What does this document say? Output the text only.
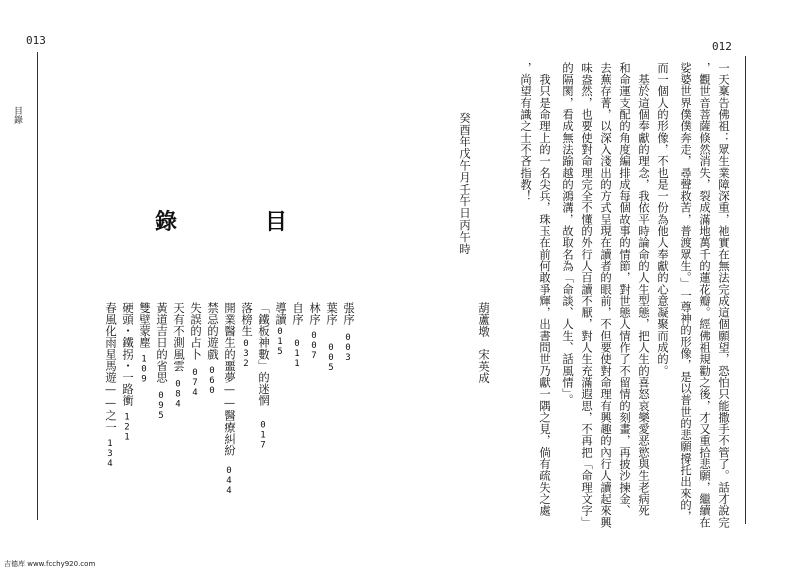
013
目錄
目
錄
張序003
葉序005
林序007
自序011
導讀015
「鐵板神數」的迷惘017
落榜生032
開業醫生的噩夢——醫療糾紛044
禁忌的遊戲060
失誤的占卜074
天有不測風雲084
黃道吉日的省思095
雙壁蒙塵109
硬頭・鐵拐・一路衝121
春風化雨星馬遊——之一134
012
一天稟告佛祖：眾生業障深重，祂實在無法完成這個願望，恐怕只能撒手不管了。話才說完
，觀世音菩薩倏然消失，裂成滿地萬千的蓮花瓣。經佛祖規勸之後，才又重拾悲願，繼續在
娑婆世界僕僕奔走，尋聲救苦，普渡眾生。」一尊神的形像，是以普世的悲願撐托出來的，
而一個人的形像，不也是一份為他人奉獻的心意凝聚而成的。
　基於這個奉獻的理念，我依平時論命的人生型態，把人生的喜怒哀樂愛恶慾與生老病死
和命運支配的角度編排成每個故事的情節，對世態人情作了不留情的刻畫，再披沙揀金、
去蕪存菁，以深入淺出的方式呈現在讀者的眼前，不但要使對命理有興趣的內行人讀起來興
味盎然，也要使對命理完全不懂的外行人百讀不厭，對人生充滿遐思，不再把「命理文字」
的隔閡，看成無法踰越的鴻溝，故取名為「命談、人生、話風情」。
　我只是命理上的一名尖兵，珠玉在前何敢爭輝，出書問世乃獻一隅之見，倘有疏失之處
，尚望有識之士不吝指教！
葫蘆墩　宋英成
癸酉年戊午月壬午日丙午時
吉德库 www.fcchy920.com
